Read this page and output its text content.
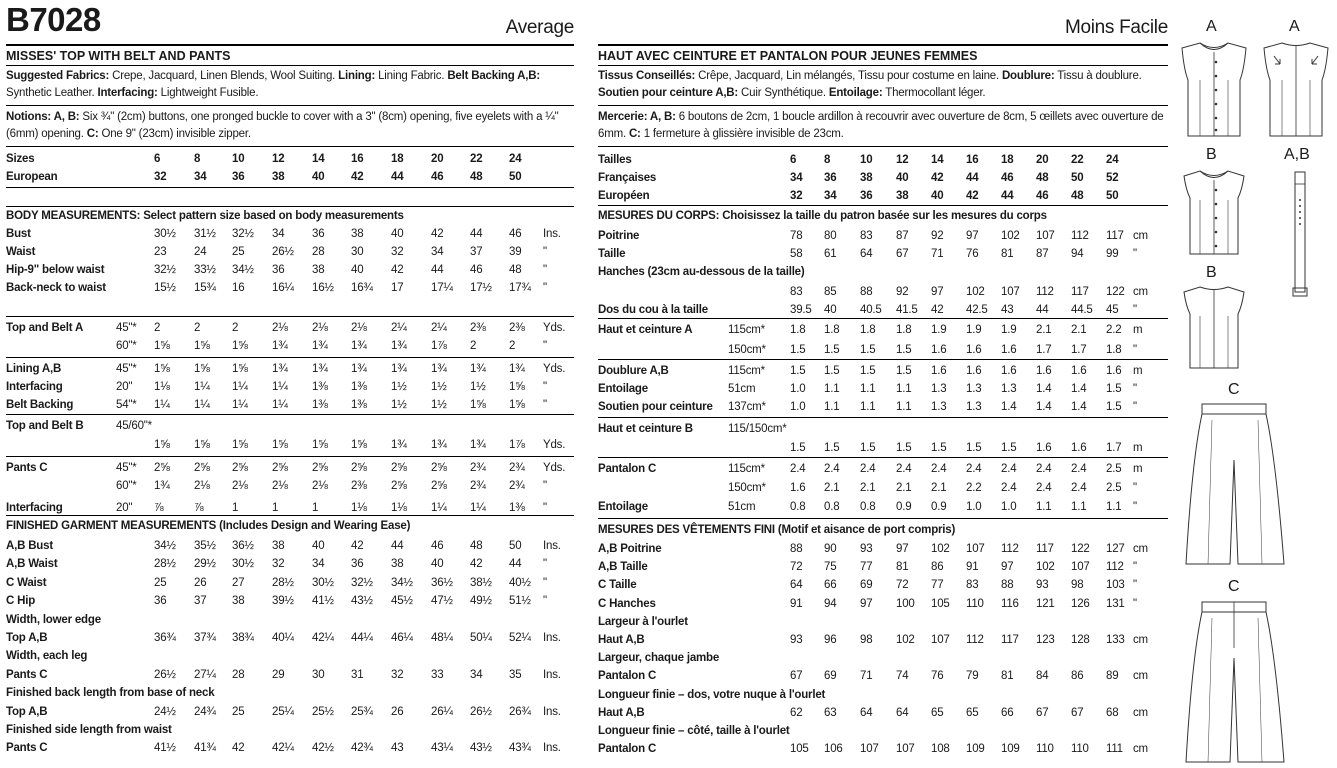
B7028	Average
MISSES' TOP WITH BELT AND PANTS
Suggested Fabrics: Crepe, Jacquard, Linen Blends, Wool Suiting. Lining: Lining Fabric. Belt Backing A,B: Synthetic Leather. Interfacing: Lightweight Fusible.
Notions: A, B: Six ¾" (2cm) buttons, one pronged buckle to cover with a 3" (8cm) opening, five eyelets with a ¼" (6mm) opening. C: One 9" (23cm) invisible zipper.
Sizes	6	8	10 12 14 16 18 20 22 24
European	32 34 36 38 40 42 44 46 48 50
BODY MEASUREMENTS: Select pattern size based on body measurements
Bust	30½ 31½ 32½ 34 36 38 40 42 44 46 Ins.
Waist	23 24 25 26½ 28 30 32 34 37 39 "
Hip-9" below waist	32½ 33½ 34½ 36 38 40 42 44 46 48 "
Back-neck to waist	15½ 15¾ 16 16¼ 16½ 16¾ 17 17¼ 17½ 17¾ "
Top and Belt A	45"* 2	2	2	2⅛ 2⅛ 2⅛ 2¼ 2¼ 2⅜ 2⅜ Yds.
60"* 1⅝ 1⅝ 1⅝ 1¾ 1¾ 1¾ 1¾ 1⅞ 2	2 "
Lining A,B	45"* 1⅝ 1⅝ 1⅝ 1¾ 1¾ 1¾ 1¾ 1¾ 1¾ 1¾ Yds.
Interfacing	20" 1⅛ 1¼ 1¼ 1¼ 1⅜ 1⅜ 1½ 1½ 1½ 1⅝ "
Belt Backing	54"* 1¼ 1¼ 1¼ 1¼ 1⅜ 1⅜ 1½ 1½ 1⅝ 1⅝ "
Top and Belt B	45/60"*
1⅝ 1⅝ 1⅝ 1⅝ 1⅝ 1⅝ 1¾ 1¾ 1¾ 1⅞ Yds.
Pants C	45"* 2⅝ 2⅝ 2⅝ 2⅝ 2⅝ 2⅝ 2⅝ 2⅝ 2¾ 2¾ Yds.
60"* 1¾ 2⅛ 2⅛ 2⅛ 2⅛ 2⅜ 2⅝ 2⅝ 2¾ 2¾ "
Interfacing	20" ⅞	⅞ 1	1	1	1⅛ 1⅛ 1¼ 1¼ 1⅜ "
FINISHED GARMENT MEASUREMENTS (Includes Design and Wearing Ease)
A,B Bust	34½ 35½ 36½ 38 40 42 44 46 48 50 Ins.
A,B Waist	28½ 29½ 30½ 32 34 36 38 40 42 44 "
C Waist	25 26 27 28½ 30½ 32½ 34½ 36½ 38½ 40½ "
C Hip	36 37 38 39½ 41½ 43½ 45½ 47½ 49½ 51½ "
Width, lower edge
Top A,B	36¾ 37¾ 38¾ 40¼ 42¼ 44¼ 46¼ 48¼ 50¼ 52¼ Ins.
Width, each leg
Pants C	26½ 27¼ 28 29 30 31 32 33 34 35 Ins.
Finished back length from base of neck
Top A,B	24½ 24¾ 25 25¼ 25½ 25¾ 26 26¼ 26½ 26¾ Ins.
Finished side length from waist
Pants C	41½ 41¾ 42 42¼ 42½ 42¾ 43 43¼ 43½ 43¾ Ins.
Moins Facile
HAUT AVEC CEINTURE ET PANTALON POUR JEUNES FEMMES
Tissus Conseillés: Crêpe, Jacquard, Lin mélangés, Tissu pour costume en laine. Doublure: Tissu à doublure. Soutien pour ceinture A,B: Cuir Synthétique. Entoilage: Thermocollant léger.
Mercerie: A, B: 6 boutons de 2cm, 1 boucle ardillon à recouvrir avec ouverture de 8cm, 5 œillets avec ouverture de 6mm. C: 1 fermeture à glissière invisible de 23cm.
Tailles	6 8	10 12 14 16 18 20 22 24
Françaises	34 36 38 40 42 44 46 48 50 52
Européen	32 34 36 38 40 42 44 46 48 50
MESURES DU CORPS: Choisissez la taille du patron basée sur les mesures du corps
Poitrine	78 80 83 87 92 97 102 107 112 117 cm
Taille	58 61 64 67 71 76 81 87 94 99 "
Hanches (23cm au-dessous de la taille)
83 85 88 92 97 102 107 112 117 122 cm
Dos du cou à la taille	39.5 40 40.5 41.5 42 42.5 43 44 44.5 45 "
Haut et ceinture A	115cm* 1.8 1.8 1.8 1.8 1.9 1.9 1.9 2.1 2.1 2.2 m
150cm* 1.5 1.5 1.5 1.5 1.6 1.6 1.6 1.7 1.7 1.8 "
Doublure A,B	115cm* 1.5 1.5 1.5 1.5 1.6 1.6 1.6 1.6 1.6 1.6 m
Entoilage	51cm	1.0 1.1 1.1 1.1 1.3 1.3 1.3 1.4 1.4 1.5 "
Soutien pour ceinture 137cm* 1.0 1.1 1.1 1.1 1.3 1.3 1.4 1.4 1.4 1.5 "
Haut et ceinture B	115/150cm*
1.5 1.5 1.5 1.5 1.5 1.5 1.5 1.6 1.6 1.7 m
Pantalon C	115cm* 2.4 2.4 2.4 2.4 2.4 2.4 2.4 2.4 2.4 2.5 m
150cm* 1.6 2.1 2.1 2.1 2.1 2.2 2.4 2.4 2.4 2.5 "
Entoilage	51cm	0.8 0.8 0.8 0.9 0.9 1.0 1.0 1.1 1.1 1.1 "
MESURES DES VÊTEMENTS FINI (Motif et aisance de port compris)
A,B Poitrine	88 90 93 97 102 107 112 117 122 127 cm
A,B Taille	72 75 77 81 86 91 97 102 107 112 "
C Taille	64 66 69 72 77 83 88 93 98 103 "
C Hanches	91 94 97 100 105 110 116 121 126 131 "
Largeur à l'ourlet
Haut A,B	93 96 98 102 107 112 117 123 128 133 cm
Largeur, chaque jambe
Pantalon C	67 69 71 74 76 79 81 84 86 89 cm
Longueur finie – dos, votre nuque à l'ourlet
Haut A,B	62 63 64 64 65 65 66 67 67 68 cm
Longueur finie – côté, taille à l'ourlet
Pantalon C	105 106 107 107 108 109 109 110 110 111 cm
A	A
B	A,B
B
C
C
